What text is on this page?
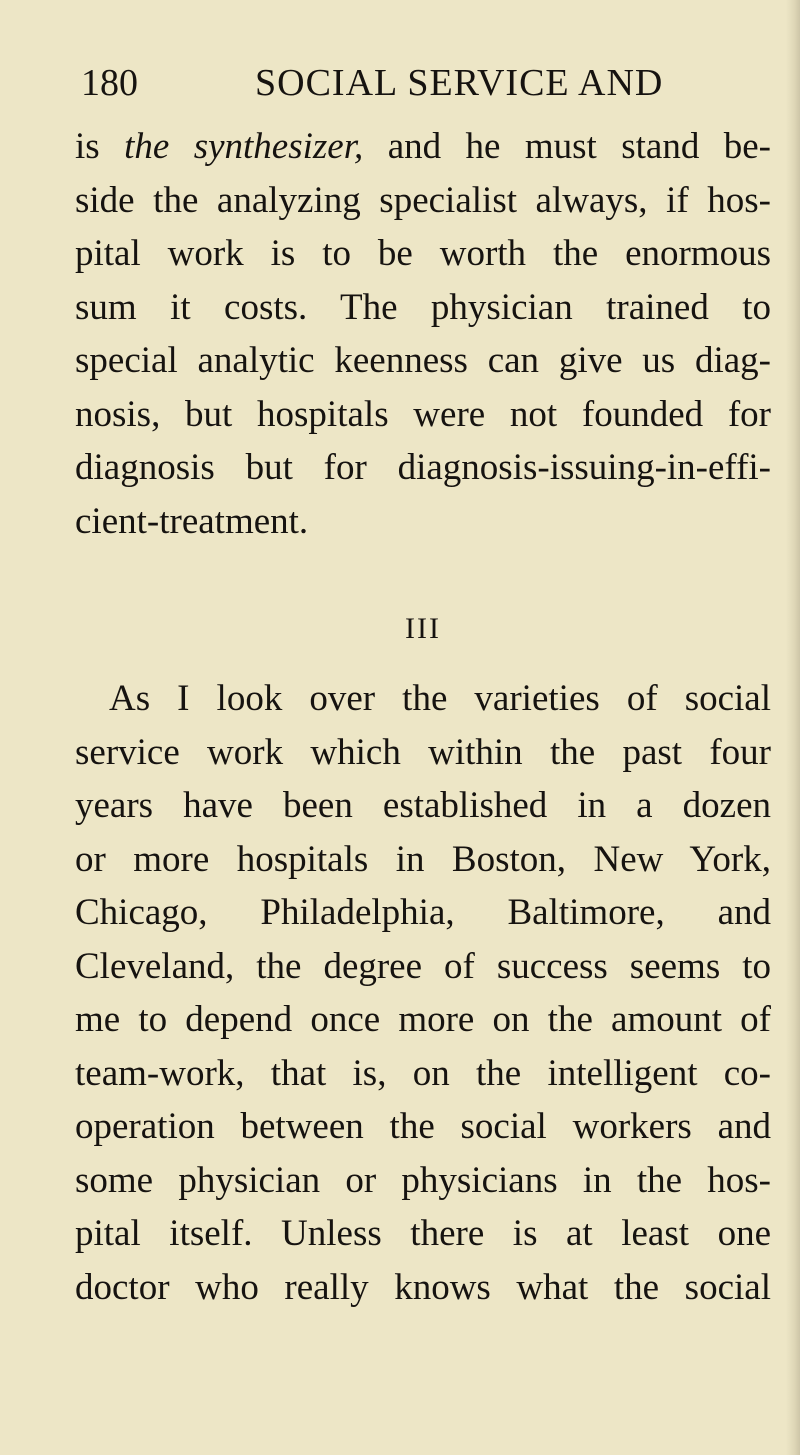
180	SOCIAL SERVICE AND
is the synthesizer, and he must stand be-
side the analyzing specialist always, if hos-
pital work is to be worth the enormous
sum it costs. The physician trained to
special analytic keenness can give us diag-
nosis, but hospitals were not founded for
diagnosis but for diagnosis-issuing-in-effi-
cient-treatment.
III
As I look over the varieties of social
service work which within the past four
years have been established in a dozen
or more hospitals in Boston, New York,
Chicago, Philadelphia, Baltimore, and
Cleveland, the degree of success seems to
me to depend once more on the amount of
team-work, that is, on the intelligent co-
operation between the social workers and
some physician or physicians in the hos-
pital itself. Unless there is at least one
doctor who really knows what the social
